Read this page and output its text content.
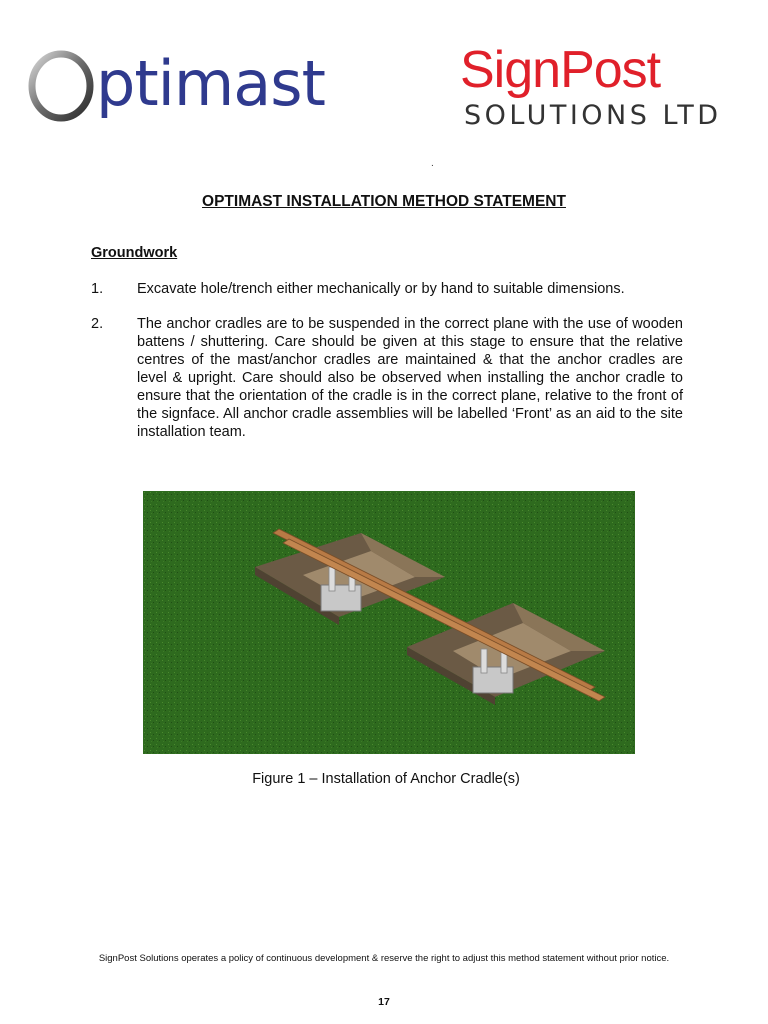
ptimast	SignPost
SOLUTIONS LTD
.
OPTIMAST INSTALLATION METHOD STATEMENT
Groundwork
1. Excavate hole/trench either mechanically or by hand to suitable dimensions.
2. The anchor cradles are to be suspended in the correct plane with the use of wooden battens / shuttering. Care should be given at this stage to ensure that the relative centres of the mast/anchor cradles are maintained & that the anchor cradles are level & upright. Care should also be observed when installing the anchor cradle to ensure that the orientation of the cradle is in the correct plane, relative to the front of the signface. All anchor cradle assemblies will be labelled ‘Front’ as an aid to the site installation team.
Figure 1 – Installation of Anchor Cradle(s)
SignPost Solutions operates a policy of continuous development & reserve the right to adjust this method statement without prior notice.
17
